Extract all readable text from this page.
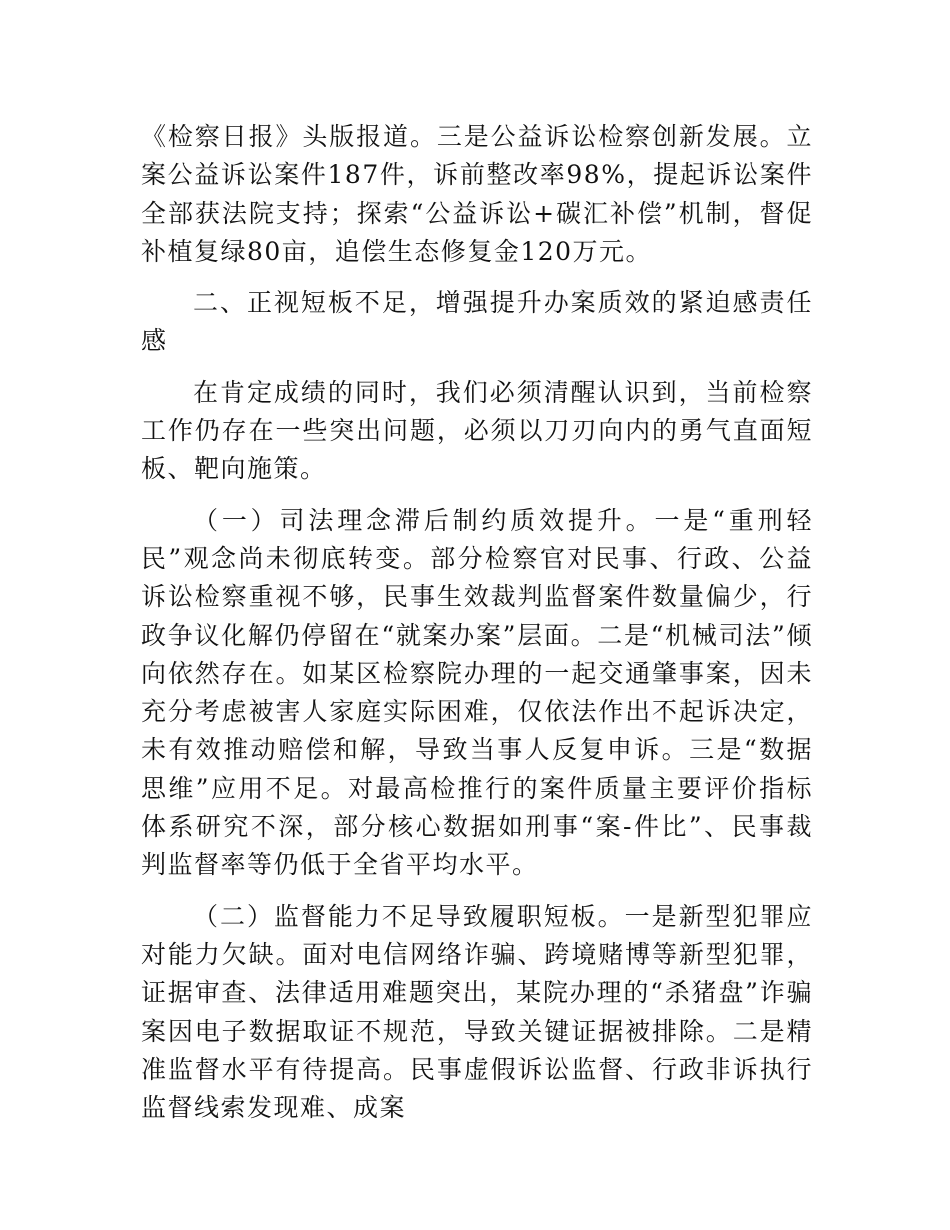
《检察日报》头版报道。三是公益诉讼检察创新发展。立案公益诉讼案件187件，诉前整改率98%，提起诉讼案件全部获法院支持；探索“公益诉讼+碳汇补偿”机制，督促补植复绿80亩，追偿生态修复金120万元。

二、正视短板不足，增强提升办案质效的紧迫感责任感

在肯定成绩的同时，我们必须清醒认识到，当前检察工作仍存在一些突出问题，必须以刀刃向内的勇气直面短板、靶向施策。

（一）司法理念滞后制约质效提升。一是“重刑轻民”观念尚未彻底转变。部分检察官对民事、行政、公益诉讼检察重视不够，民事生效裁判监督案件数量偏少，行政争议化解仍停留在“就案办案”层面。二是“机械司法”倾向依然存在。如某区检察院办理的一起交通肇事案，因未充分考虑被害人家庭实际困难，仅依法作出不起诉决定，未有效推动赔偿和解，导致当事人反复申诉。三是“数据思维”应用不足。对最高检推行的案件质量主要评价指标体系研究不深，部分核心数据如刑事“案-件比”、民事裁判监督率等仍低于全省平均水平。

（二）监督能力不足导致履职短板。一是新型犯罪应对能力欠缺。面对电信网络诈骗、跨境赌博等新型犯罪，证据审查、法律适用难题突出，某院办理的“杀猪盘”诈骗案因电子数据取证不规范，导致关键证据被排除。二是精准监督水平有待提高。民事虚假诉讼监督、行政非诉执行监督线索发现难、成案
